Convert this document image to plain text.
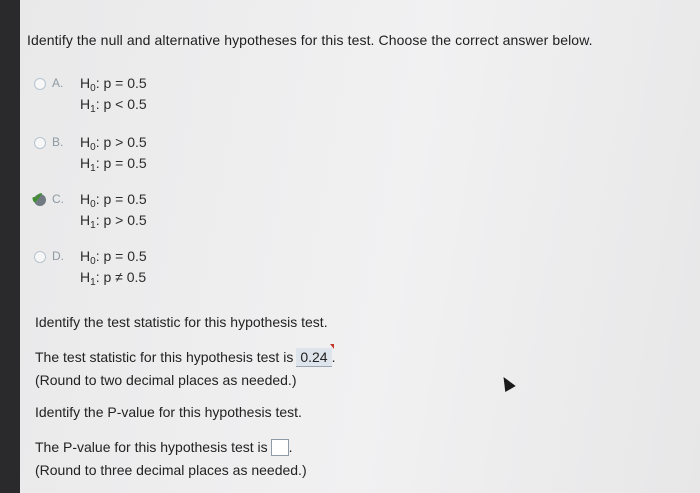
Identify the null and alternative hypotheses for this test. Choose the correct answer below.
A. $H_0$: p = 0.5
$H_1$: p < 0.5
B. $H_0$: p > 0.5
$H_1$: p = 0.5
✔ C. $H_0$: p = 0.5
$H_1$: p > 0.5
D. $H_0$: p = 0.5
$H_1$: p ≠ 0.5
Identify the test statistic for this hypothesis test.
The test statistic for this hypothesis test is 0.24 .
(Round to two decimal places as needed.)
Identify the P-value for this hypothesis test.
The P-value for this hypothesis test is .
(Round to three decimal places as needed.)
